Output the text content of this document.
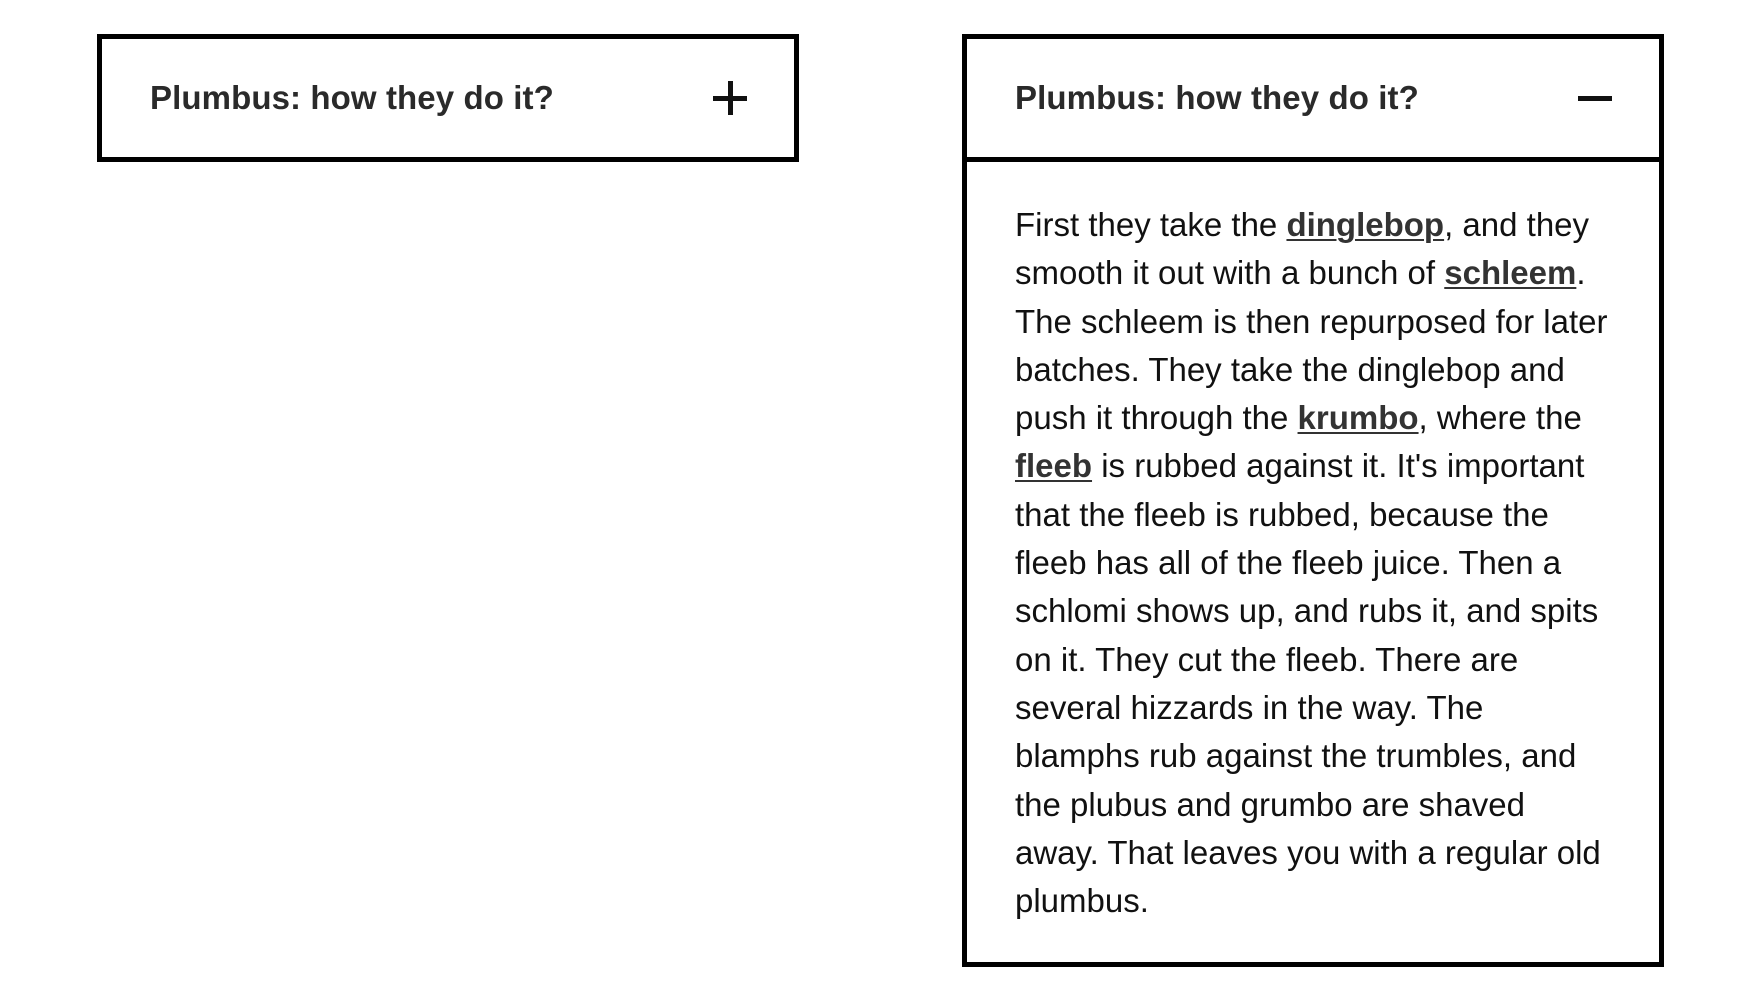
Plumbus: how they do it?	Plumbus: how they do it?

First they take the dinglebop, and they smooth it out with a bunch of schleem. The schleem is then repurposed for later batches. They take the dinglebop and push it through the krumbo, where the fleeb is rubbed against it. It's important that the fleeb is rubbed, because the fleeb has all of the fleeb juice. Then a schlomi shows up, and rubs it, and spits on it. They cut the fleeb. There are several hizzards in the way. The blamphs rub against the trumbles, and the plubus and grumbo are shaved away. That leaves you with a regular old plumbus.
